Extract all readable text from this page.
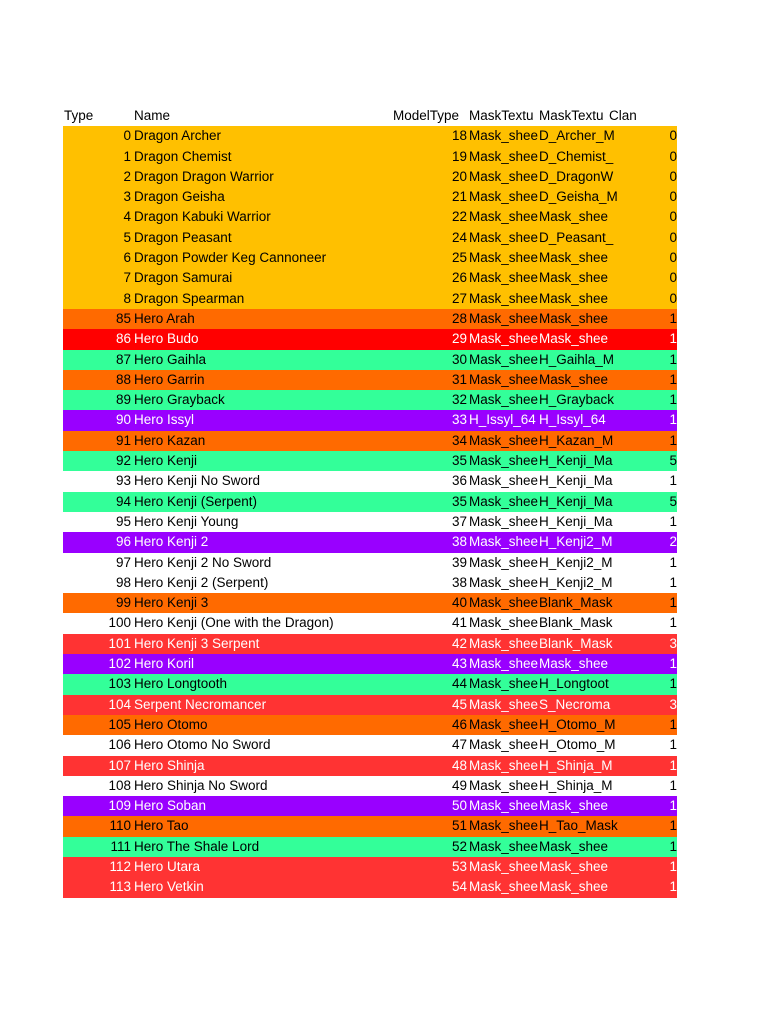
Type	Name	ModelType MaskTextu MaskTextu Clan
0 Dragon Archer	18 Mask_shee D_Archer_M	0
1 Dragon Chemist	19 Mask_shee D_Chemist_	0
2 Dragon Dragon Warrior	20 Mask_shee D_DragonW	0
3 Dragon Geisha	21 Mask_shee D_Geisha_M	0
4 Dragon Kabuki Warrior	22 Mask_shee Mask_shee	0
5 Dragon Peasant	24 Mask_shee D_Peasant_	0
6 Dragon Powder Keg Cannoneer	25 Mask_shee Mask_shee	0
7 Dragon Samurai	26 Mask_shee Mask_shee	0
8 Dragon Spearman	27 Mask_shee Mask_shee	0
85 Hero Arah	28 Mask_shee Mask_shee	1
86 Hero Budo	29 Mask_shee Mask_shee	1
87 Hero Gaihla	30 Mask_shee H_Gaihla_M	1
88 Hero Garrin	31 Mask_shee Mask_shee	1
89 Hero Grayback	32 Mask_shee H_Grayback	1
90 Hero Issyl	33 H_Issyl_64 H_Issyl_64	1
91 Hero Kazan	34 Mask_shee H_Kazan_M	1
92 Hero Kenji	35 Mask_shee H_Kenji_Ma	5
93 Hero Kenji No Sword	36 Mask_shee H_Kenji_Ma	1
94 Hero Kenji (Serpent)	35 Mask_shee H_Kenji_Ma	5
95 Hero Kenji Young	37 Mask_shee H_Kenji_Ma	1
96 Hero Kenji 2	38 Mask_shee H_Kenji2_M	2
97 Hero Kenji 2 No Sword	39 Mask_shee H_Kenji2_M	1
98 Hero Kenji 2 (Serpent)	38 Mask_shee H_Kenji2_M	1
99 Hero Kenji 3	40 Mask_shee Blank_Mask	1
100 Hero Kenji (One with the Dragon)	41 Mask_shee Blank_Mask	1
101 Hero Kenji 3 Serpent	42 Mask_shee Blank_Mask	3
102 Hero Koril	43 Mask_shee Mask_shee	1
103 Hero Longtooth	44 Mask_shee H_Longtoot	1
104 Serpent Necromancer	45 Mask_shee S_Necroma	3
105 Hero Otomo	46 Mask_shee H_Otomo_M	1
106 Hero Otomo No Sword	47 Mask_shee H_Otomo_M	1
107 Hero Shinja	48 Mask_shee H_Shinja_M	1
108 Hero Shinja No Sword	49 Mask_shee H_Shinja_M	1
109 Hero Soban	50 Mask_shee Mask_shee	1
110 Hero Tao	51 Mask_shee H_Tao_Mask	1
111 Hero The Shale Lord	52 Mask_shee Mask_shee	1
112 Hero Utara	53 Mask_shee Mask_shee	1
113 Hero Vetkin	54 Mask_shee Mask_shee	1
